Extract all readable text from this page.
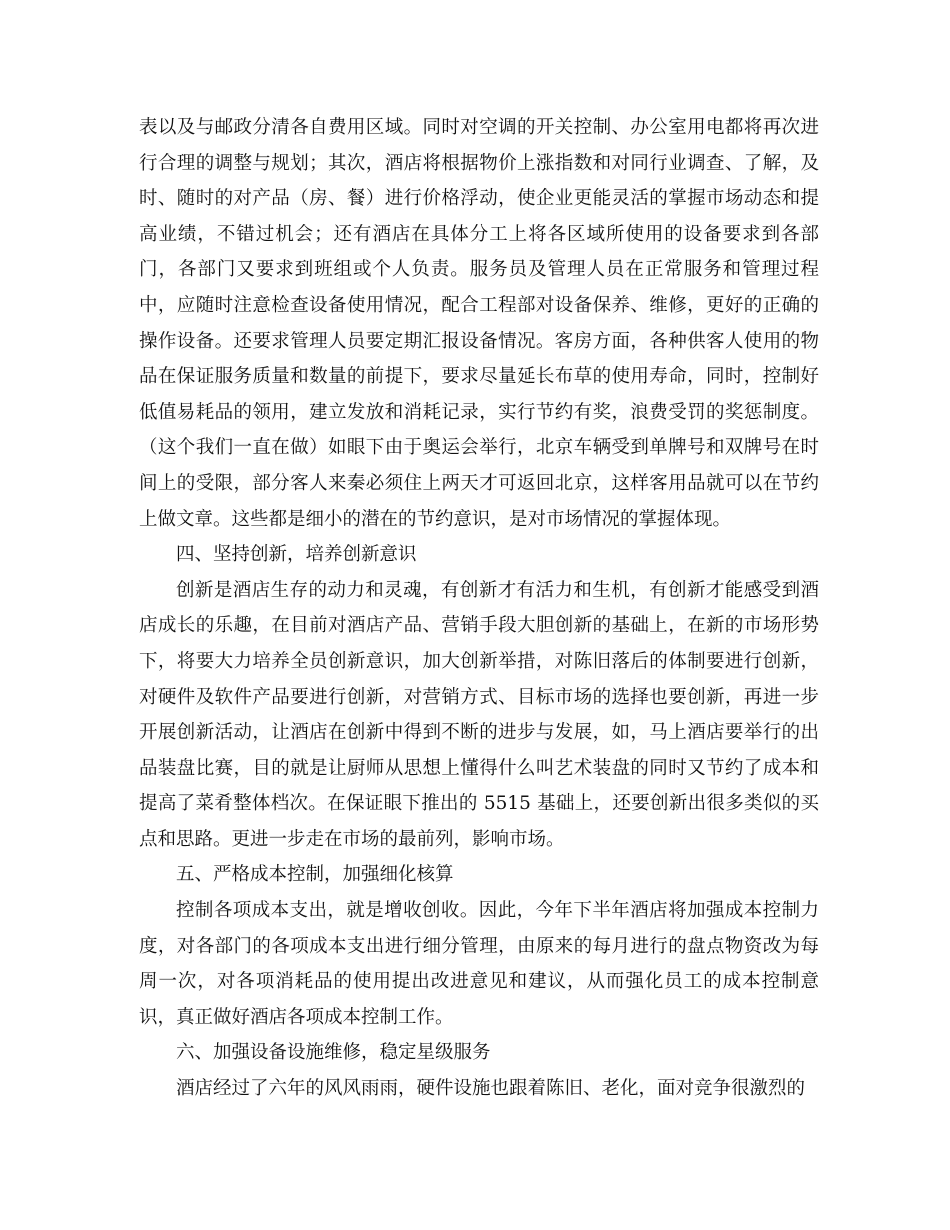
表以及与邮政分清各自费用区域。同时对空调的开关控制、办公室用电都将再次进行合理的调整与规划；其次，酒店将根据物价上涨指数和对同行业调查、了解，及时、随时的对产品（房、餐）进行价格浮动，使企业更能灵活的掌握市场动态和提高业绩，不错过机会；还有酒店在具体分工上将各区域所使用的设备要求到各部门，各部门又要求到班组或个人负责。服务员及管理人员在正常服务和管理过程中，应随时注意检查设备使用情况，配合工程部对设备保养、维修，更好的正确的操作设备。还要求管理人员要定期汇报设备情况。客房方面，各种供客人使用的物品在保证服务质量和数量的前提下，要求尽量延长布草的使用寿命，同时，控制好低值易耗品的领用，建立发放和消耗记录，实行节约有奖，浪费受罚的奖惩制度。（这个我们一直在做）如眼下由于奥运会举行，北京车辆受到单牌号和双牌号在时间上的受限，部分客人来秦必须住上两天才可返回北京，这样客用品就可以在节约上做文章。这些都是细小的潜在的节约意识，是对市场情况的掌握体现。

四、坚持创新，培养创新意识

创新是酒店生存的动力和灵魂，有创新才有活力和生机，有创新才能感受到酒店成长的乐趣，在目前对酒店产品、营销手段大胆创新的基础上，在新的市场形势下，将要大力培养全员创新意识，加大创新举措，对陈旧落后的体制要进行创新，对硬件及软件产品要进行创新，对营销方式、目标市场的选择也要创新，再进一步开展创新活动，让酒店在创新中得到不断的进步与发展，如，马上酒店要举行的出品装盘比赛，目的就是让厨师从思想上懂得什么叫艺术装盘的同时又节约了成本和提高了菜肴整体档次。在保证眼下推出的 5515 基础上，还要创新出很多类似的买点和思路。更进一步走在市场的最前列，影响市场。

五、严格成本控制，加强细化核算

控制各项成本支出，就是增收创收。因此，今年下半年酒店将加强成本控制力度，对各部门的各项成本支出进行细分管理，由原来的每月进行的盘点物资改为每周一次，对各项消耗品的使用提出改进意见和建议，从而强化员工的成本控制意识，真正做好酒店各项成本控制工作。

六、加强设备设施维修，稳定星级服务

酒店经过了六年的风风雨雨，硬件设施也跟着陈旧、老化，面对竞争很激烈的
